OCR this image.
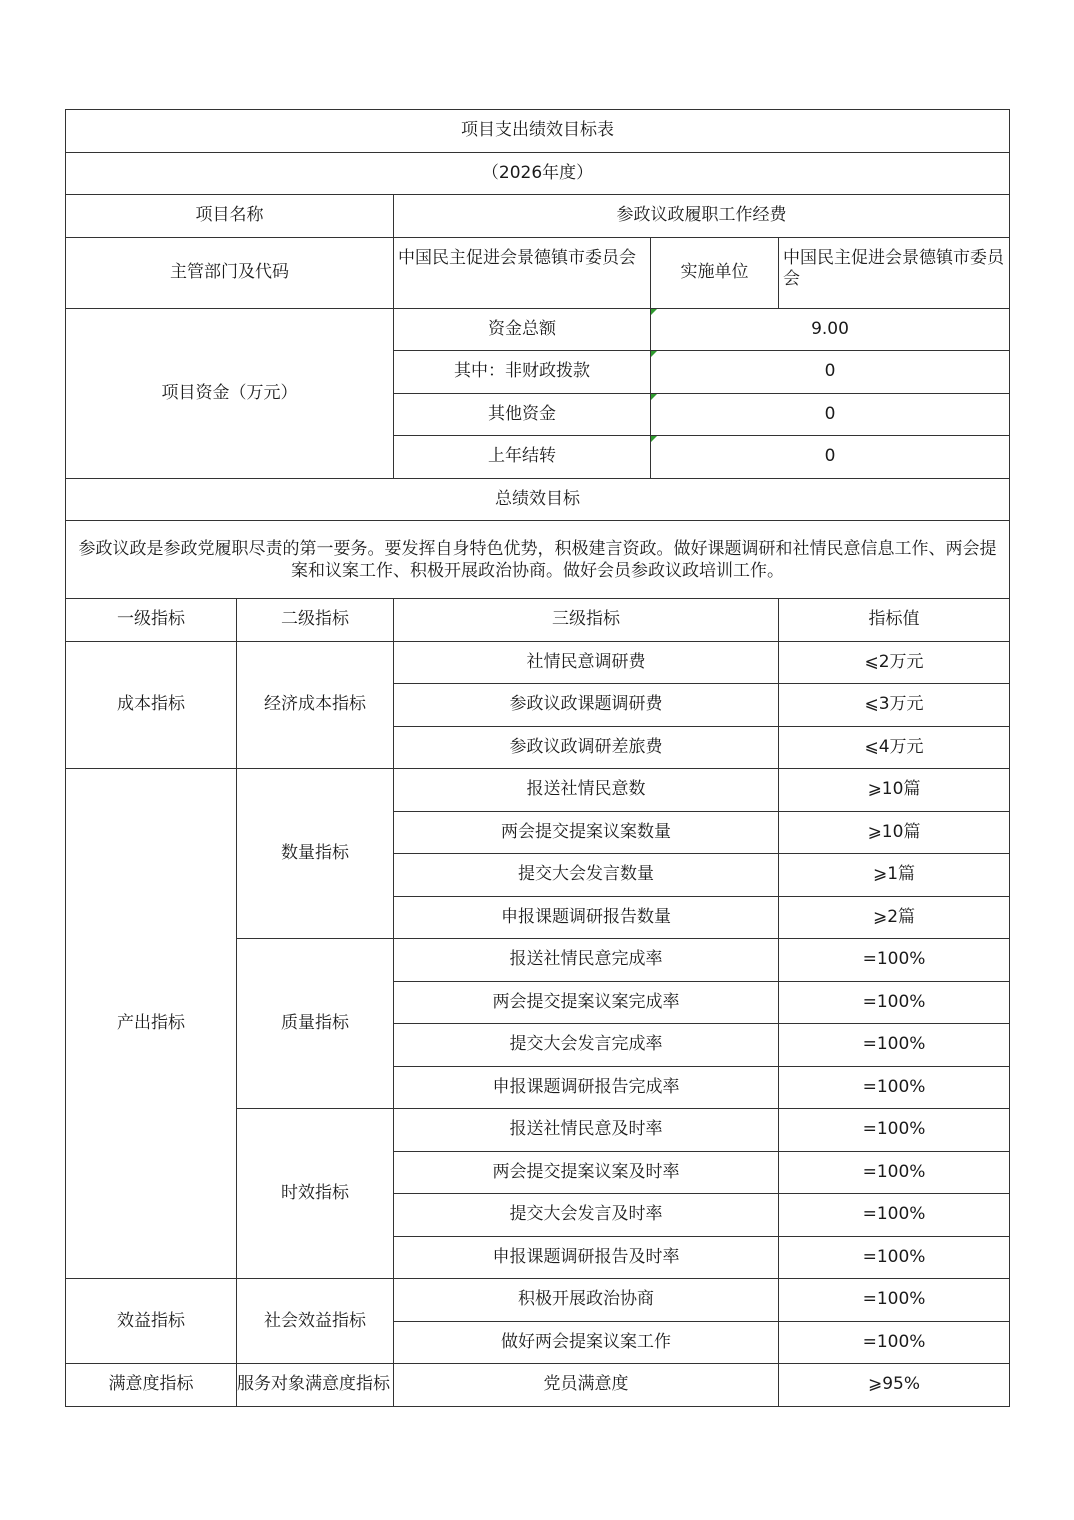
项目支出绩效目标表				
（2026年度）				
项目名称		参政议政履职工作经费		
主管部门及代码		中国民主促进会景德镇市委员会	实施单位	中国民主促进会景德镇市委员会
项目资金（万元）		资金总额	9.00	
		其中：非财政拨款	0	
		其他资金	0	
		上年结转	0	
总绩效目标				
参政议政是参政党履职尽责的第一要务。要发挥自身特色优势，积极建言资政。做好课题调研和社情民意信息工作、两会提案和议案工作、积极开展政治协商。做好会员参政议政培训工作。				
一级指标	二级指标	三级指标		指标值
成本指标	经济成本指标	社情民意调研费		⩽2万元
		参政议政课题调研费		⩽3万元
		参政议政调研差旅费		⩽4万元
产出指标	数量指标	报送社情民意数		⩾10篇
		两会提交提案议案数量		⩾10篇
		提交大会发言数量		⩾1篇
		申报课题调研报告数量		⩾2篇
	质量指标	报送社情民意完成率		=100%
		两会提交提案议案完成率		=100%
		提交大会发言完成率		=100%
		申报课题调研报告完成率		=100%
	时效指标	报送社情民意及时率		=100%
		两会提交提案议案及时率		=100%
		提交大会发言及时率		=100%
		申报课题调研报告及时率		=100%
效益指标	社会效益指标	积极开展政治协商		=100%
		做好两会提案议案工作		=100%
满意度指标	服务对象满意度指标	党员满意度		⩾95%
